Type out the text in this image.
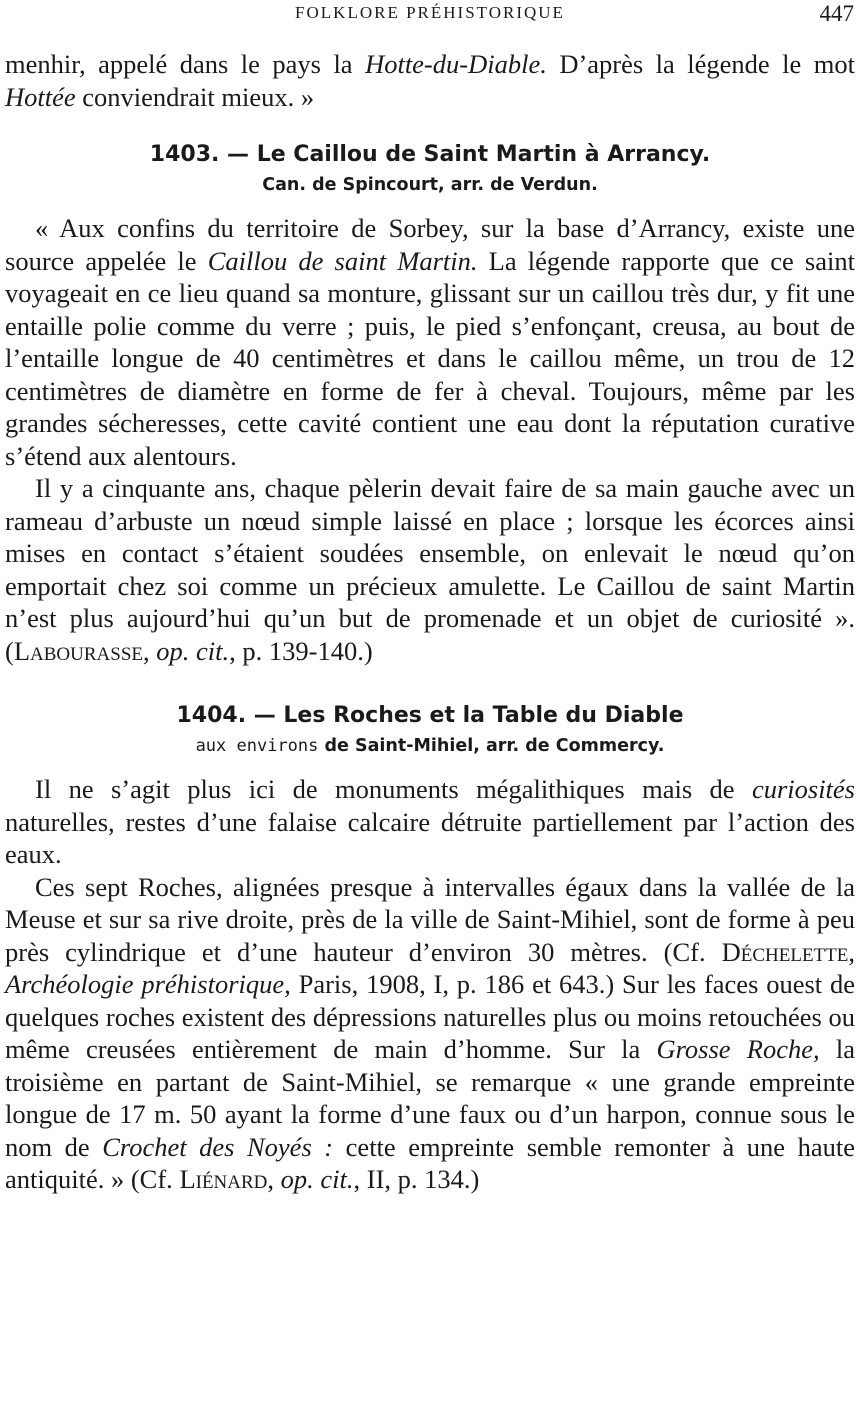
FOLKLORE PRÉHISTORIQUE	447

menhir, appelé dans le pays la Hotte-du-Diable. D’après la légende le mot Hottée conviendrait mieux. »

1403. — Le Caillou de Saint Martin à Arrancy.
Can. de Spincourt, arr. de Verdun.

« Aux confins du territoire de Sorbey, sur la base d’Arrancy, existe une source appelée le Caillou de saint Martin. La légende rapporte que ce saint voyageait en ce lieu quand sa monture, glissant sur un caillou très dur, y fit une entaille polie comme du verre ; puis, le pied s’enfonçant, creusa, au bout de l’entaille longue de 40 centimètres et dans le caillou même, un trou de 12 centimètres de diamètre en forme de fer à cheval. Toujours, même par les grandes sécheresses, cette cavité contient une eau dont la réputation curative s’étend aux alentours.

Il y a cinquante ans, chaque pèlerin devait faire de sa main gauche avec un rameau d’arbuste un nœud simple laissé en place ; lorsque les écorces ainsi mises en contact s’étaient soudées ensemble, on enlevait le nœud qu’on emportait chez soi comme un précieux amulette. Le Caillou de saint Martin n’est plus aujourd’hui qu’un but de promenade et un objet de curiosité ». (Labourasse, op. cit., p. 139-140.)

1404. — Les Roches et la Table du Diable
aux environs de Saint-Mihiel, arr. de Commercy.

Il ne s’agit plus ici de monuments mégalithiques mais de curiosités naturelles, restes d’une falaise calcaire détruite partiellement par l’action des eaux.

Ces sept Roches, alignées presque à intervalles égaux dans la vallée de la Meuse et sur sa rive droite, près de la ville de Saint-Mihiel, sont de forme à peu près cylindrique et d’une hauteur d’environ 30 mètres. (Cf. Déchelette, Archéologie préhistorique, Paris, 1908, I, p. 186 et 643.) Sur les faces ouest de quelques roches existent des dépressions naturelles plus ou moins retouchées ou même creusées entièrement de main d’homme. Sur la Grosse Roche, la troisième en partant de Saint-Mihiel, se remarque « une grande empreinte longue de 17 m. 50 ayant la forme d’une faux ou d’un harpon, connue sous le nom de Crochet des Noyés : cette empreinte semble remonter à une haute antiquité. » (Cf. Liénard, op. cit., II, p. 134.)
